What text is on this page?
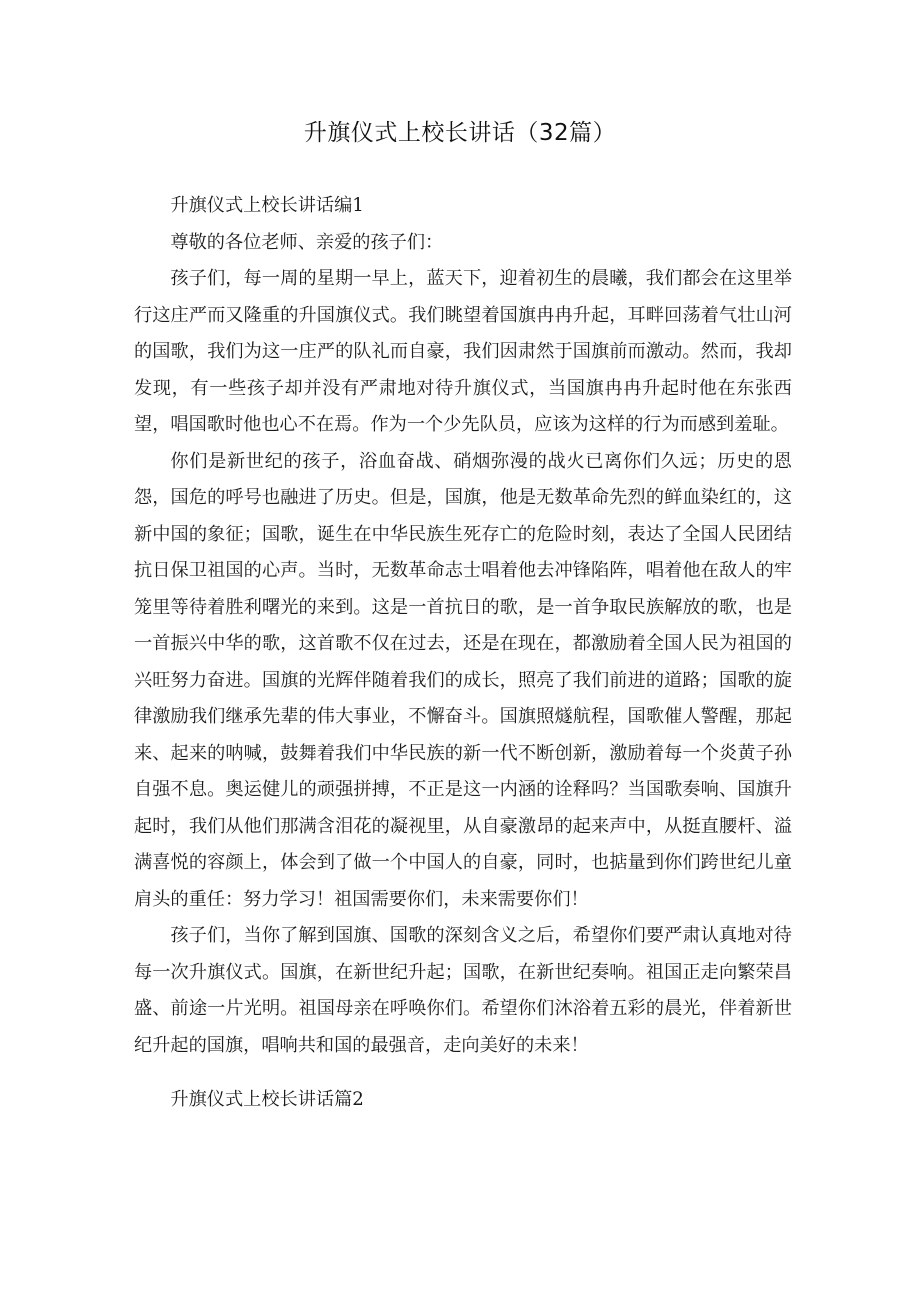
升旗仪式上校长讲话（32篇）

升旗仪式上校长讲话编1

尊敬的各位老师、亲爱的孩子们：

孩子们，每一周的星期一早上，蓝天下，迎着初生的晨曦，我们都会在这里举行这庄严而又隆重的升国旗仪式。我们眺望着国旗冉冉升起，耳畔回荡着气壮山河的国歌，我们为这一庄严的队礼而自豪，我们因肃然于国旗前而激动。然而，我却发现，有一些孩子却并没有严肃地对待升旗仪式，当国旗冉冉升起时他在东张西望，唱国歌时他也心不在焉。作为一个少先队员，应该为这样的行为而感到羞耻。

你们是新世纪的孩子，浴血奋战、硝烟弥漫的战火已离你们久远；历史的恩怨，国危的呼号也融进了历史。但是，国旗，他是无数革命先烈的鲜血染红的，这新中国的象征；国歌，诞生在中华民族生死存亡的危险时刻，表达了全国人民团结抗日保卫祖国的心声。当时，无数革命志士唱着他去冲锋陷阵，唱着他在敌人的牢笼里等待着胜利曙光的来到。这是一首抗日的歌，是一首争取民族解放的歌，也是一首振兴中华的歌，这首歌不仅在过去，还是在现在，都激励着全国人民为祖国的兴旺努力奋进。国旗的光辉伴随着我们的成长，照亮了我们前进的道路；国歌的旋律激励我们继承先辈的伟大事业，不懈奋斗。国旗照燧航程，国歌催人警醒，那起来、起来的呐喊，鼓舞着我们中华民族的新一代不断创新，激励着每一个炎黄子孙自强不息。奥运健儿的顽强拼搏，不正是这一内涵的诠释吗？当国歌奏响、国旗升起时，我们从他们那满含泪花的凝视里，从自豪激昂的起来声中，从挺直腰杆、溢满喜悦的容颜上，体会到了做一个中国人的自豪，同时，也掂量到你们跨世纪儿童肩头的重任：努力学习！祖国需要你们，未来需要你们！

孩子们，当你了解到国旗、国歌的深刻含义之后，希望你们要严肃认真地对待每一次升旗仪式。国旗，在新世纪升起；国歌，在新世纪奏响。祖国正走向繁荣昌盛、前途一片光明。祖国母亲在呼唤你们。希望你们沐浴着五彩的晨光，伴着新世纪升起的国旗，唱响共和国的最强音，走向美好的未来！

升旗仪式上校长讲话篇2
